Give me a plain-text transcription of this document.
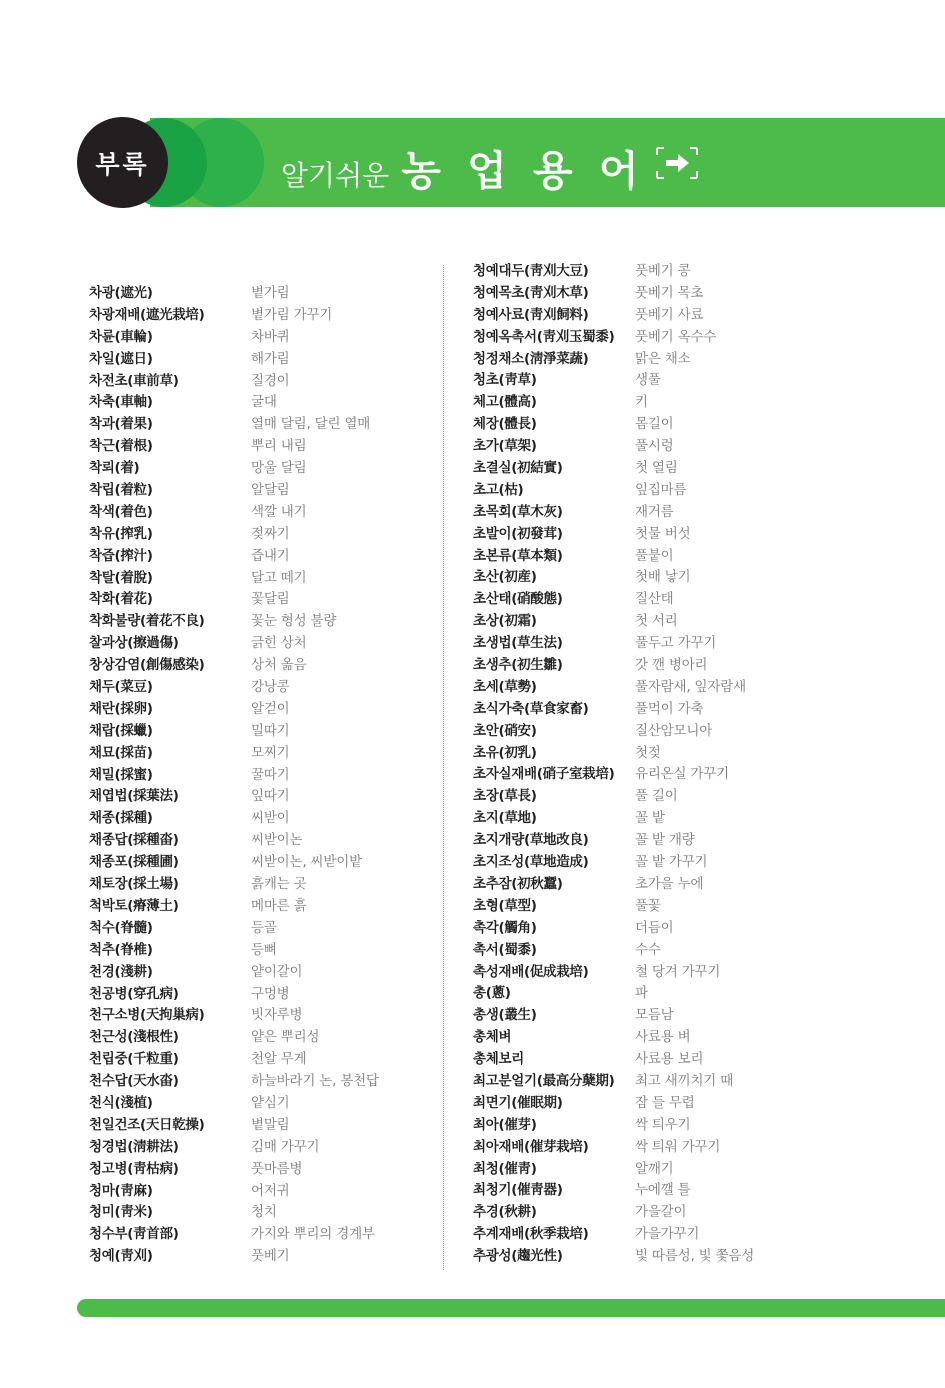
부록	알기쉬운 농 업 용 어
차광(遮光)	볕가림
차광재배(遮光栽培)	볕가림 가꾸기
차륜(車輪)	차바퀴
차일(遮日)	해가림
차전초(車前草)	질경이
차축(車軸)	굴대
착과(着果)	열매 달림, 달린 열매
착근(着根)	뿌리 내림
착뢰(着)	망울 달림
착립(着粒)	알달림
착색(着色)	색깔 내기
착유(搾乳)	젖짜기
착즙(搾汁)	즙내기
착탈(着脫)	달고 떼기
착화(着花)	꽃달림
착화불량(着花不良)	꽃눈 형성 불량
찰과상(擦過傷)	긁힌 상처
창상감염(創傷感染)	상처 옮음
채두(菜豆)	강낭콩
채란(採卵)	알걷이
채랍(採蠟)	밀따기
채묘(採苗)	모찌기
채밀(採蜜)	꿀따기
채엽법(採葉法)	잎따기
채종(採種)	씨받이
채종답(採種畓)	씨받이논
채종포(採種圃)	씨받이논, 씨받이밭
채토장(採土場)	흙캐는 곳
척박토(瘠薄土)	메마른 흙
척수(脊髓)	등골
척추(脊椎)	등뼈
천경(淺耕)	얕이갈이
천공병(穿孔病)	구멍병
천구소병(天拘巢病)	빗자루병
천근성(淺根性)	얕은 뿌리성
천립중(千粒重)	천알 무게
천수답(天水畓)	하늘바라기 논, 봉천답
천식(淺植)	얕심기
천일건조(天日乾操)	볕말림
청경법(淸耕法)	김매 가꾸기
청고병(靑枯病)	풋마름병
청마(靑麻)	어저귀
청미(靑米)	청치
청수부(靑首部)	가지와 뿌리의 경계부
청예(靑刈)	풋베기
청예대두(靑刈大豆)	풋베기 콩
청예목초(靑刈木草)	풋베기 목초
청예사료(靑刈飼料)	풋베기 사료
청예옥촉서(靑刈玉蜀黍) 풋베기 옥수수
청정채소(淸淨菜蔬)	맑은 채소
청초(靑草)	생풀
체고(體高)	키
체장(體長)	몸길이
초가(草架)	풀시렁
초결실(初結實)	첫 열림
초고(枯)	잎집마름
초목회(草木灰)	재거름
초발이(初發茸)	첫물 버섯
초본류(草本類)	풀붙이
초산(初産)	첫배 낳기
초산태(硝酸態)	질산태
초상(初霜)	첫 서리
초생법(草生法)	풀두고 가꾸기
초생추(初生雛)	갓 깬 병아리
초세(草勢)	풀자람새, 잎자람새
초식가축(草食家畜)	풀먹이 가축
초안(硝安)	질산암모니아
초유(初乳)	첫젖
초자실재배(硝子室栽培) 유리온실 가꾸기
초장(草長)	풀 길이
초지(草地)	꼴 밭
초지개량(草地改良)	꼴 밭 개량
초지조성(草地造成)	꼴 밭 가꾸기
초추잠(初秋蠶)	초가을 누에
초형(草型)	풀꽃
촉각(觸角)	더듬이
촉서(蜀黍)	수수
촉성재배(促成栽培)	철 당겨 가꾸기
총(蔥)	파
총생(叢生)	모듬남
총체벼	사료용 벼
총체보리	사료용 보리
최고분얼기(最高分蘖期) 최고 새끼치기 때
최면기(催眠期)	잠 들 무렵
최아(催芽)	싹 틔우기
최아재배(催芽栽培)	싹 틔워 가꾸기
최청(催靑)	알깨기
최청기(催靑器)	누에깰 틀
추경(秋耕)	가을갈이
추계재배(秋季栽培)	가을가꾸기
추광성(趨光性)	빛 따름성, 빛 쫓음성
